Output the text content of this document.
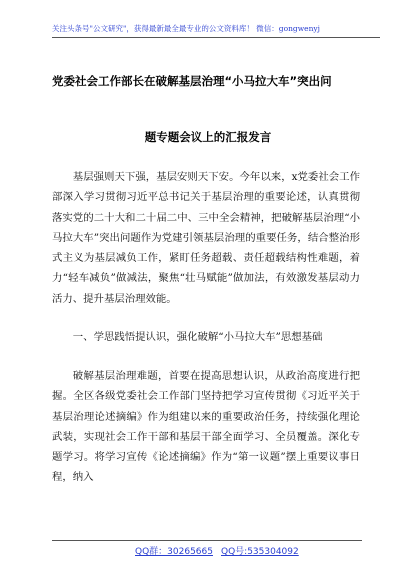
关注头条号"公文研究"，获得最新最全最专业的公文资料库！ 微信：gongwenyj
党委社会工作部长在破解基层治理“小马拉大车”突出问
题专题会议上的汇报发言

基层强则天下强，基层安则天下安。今年以来，x党委社会工作部深入学习贯彻习近平总书记关于基层治理的重要论述，认真贯彻落实党的二十大和二十届二中、三中全会精神，把破解基层治理“小马拉大车”突出问题作为党建引领基层治理的重要任务，结合整治形式主义为基层减负工作，紧盯任务超载、责任超载结构性难题，着力“轻车减负”做减法，聚焦“壮马赋能”做加法，有效激发基层动力活力、提升基层治理效能。

一、学思践悟提认识，强化破解“小马拉大车”思想基础

破解基层治理难题，首要在提高思想认识，从政治高度进行把握。全区各级党委社会工作部门坚持把学习宣传贯彻《习近平关于基层治理论述摘编》作为组建以来的重要政治任务，持续强化理论武装，实现社会工作干部和基层干部全面学习、全员覆盖。深化专题学习。将学习宣传《论述摘编》作为“第一议题”摆上重要议事日程，纳入

QQ群：30265665 QQ号:535304092
